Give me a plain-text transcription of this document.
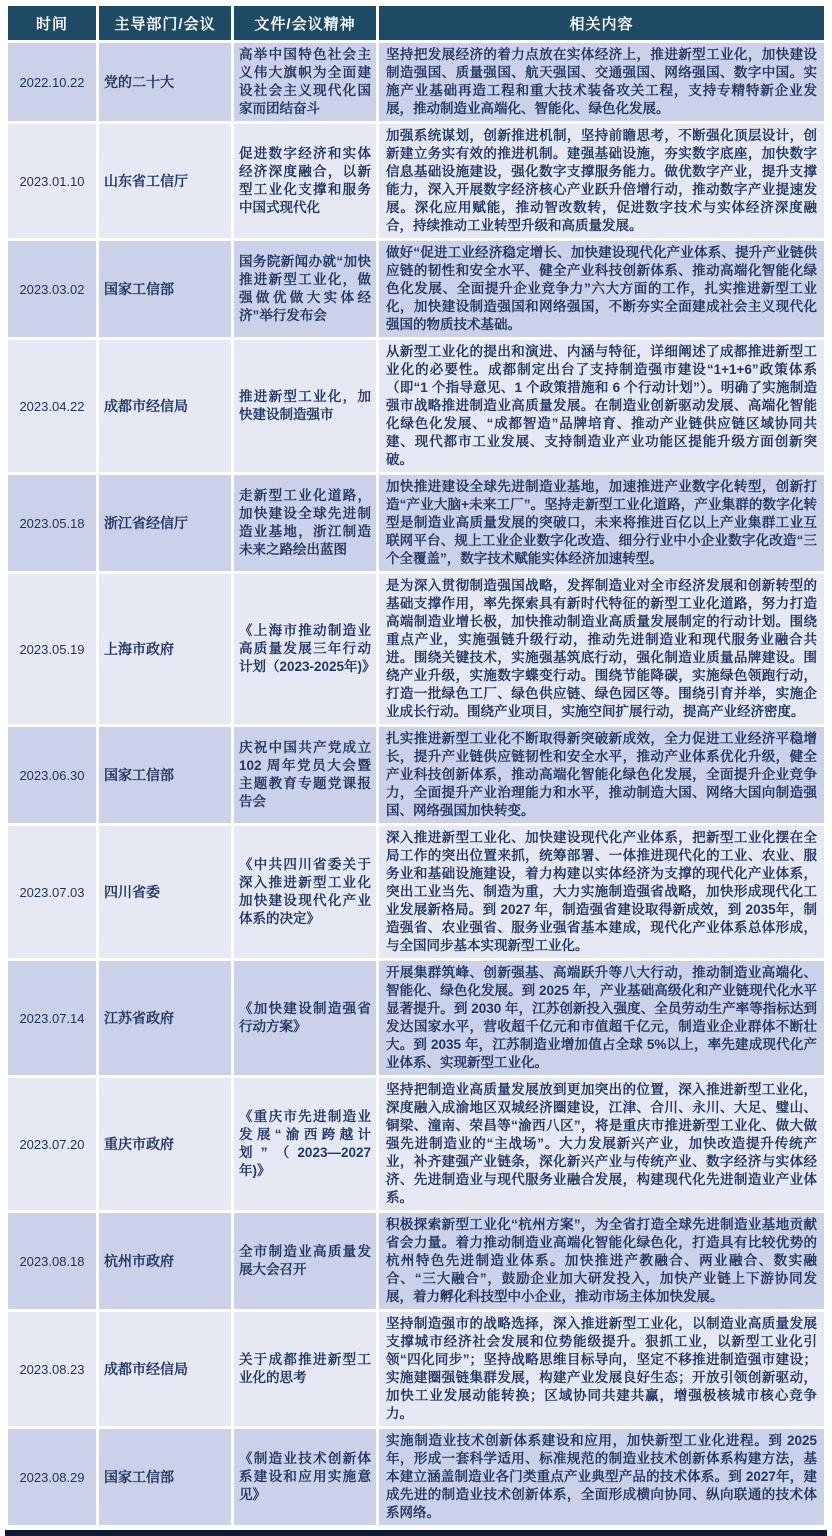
时间	主导部门/会议	文件/会议精神	相关内容
2022.10.22	党的二十大	高举中国特色社会主义伟大旗帜为全面建设社会主义现代化国家而团结奋斗	坚持把发展经济的着力点放在实体经济上，推进新型工业化，加快建设制造强国、质量强国、航天强国、交通强国、网络强国、数字中国。实施产业基础再造工程和重大技术装备攻关工程，支持专精特新企业发展，推动制造业高端化、智能化、绿色化发展。
2023.01.10	山东省工信厅	促进数字经济和实体经济深度融合，以新型工业化支撑和服务中国式现代化	加强系统谋划，创新推进机制，坚持前瞻思考，不断强化顶层设计，创新建立务实有效的推进机制。建强基础设施，夯实数字底座，加快数字信息基础设施建设，强化数字支撑服务能力。做优数字产业，提升支撑能力，深入开展数字经济核心产业跃升倍增行动，推动数字产业提速发展。深化应用赋能，推动智改数转，促进数字技术与实体经济深度融合，持续推动工业转型升级和高质量发展。
2023.03.02	国家工信部	国务院新闻办就“加快推进新型工业化，做强做优做大实体经济”举行发布会	做好“促进工业经济稳定增长、加快建设现代化产业体系、提升产业链供应链的韧性和安全水平、健全产业科技创新体系、推动高端化智能化绿色化发展、全面提升企业竞争力”六大方面的工作，扎实推进新型工业化，加快建设制造强国和网络强国，不断夯实全面建成社会主义现代化强国的物质技术基础。
2023.04.22	成都市经信局	推进新型工业化，加快建设制造强市	从新型工业化的提出和演进、内涵与特征，详细阐述了成都推进新型工业化的必要性。成都制定出台了支持制造强市建设“1+1+6”政策体系（即“1 个指导意见、1 个政策措施和 6 个行动计划”）。明确了实施制造强市战略推进制造业高质量发展。在制造业创新驱动发展、高端化智能化绿色化发展、“成都智造”品牌培育、推动产业链供应链区域协同共建、现代都市工业发展、支持制造业产业功能区提能升级方面创新突破。
2023.05.18	浙江省经信厅	走新型工业化道路，加快建设全球先进制造业基地，浙江制造未来之路绘出蓝图	加快推进建设全球先进制造业基地，加速推进产业数字化转型，创新打造“产业大脑+未来工厂”。坚持走新型工业化道路，产业集群的数字化转型是制造业高质量发展的突破口，未来将推进百亿以上产业集群工业互联网平台、规上工业企业数字化改造、细分行业中小企业数字化改造“三个全覆盖”，数字技术赋能实体经济加速转型。
2023.05.19	上海市政府	《上海市推动制造业高质量发展三年行动计划（2023-2025年)》	是为深入贯彻制造强国战略，发挥制造业对全市经济发展和创新转型的基础支撑作用，率先探索具有新时代特征的新型工业化道路，努力打造高端制造业增长极，加快推动制造业高质量发展制定的行动计划。围绕重点产业，实施强链升级行动，推动先进制造业和现代服务业融合共进。围绕关键技术，实施强基筑底行动，强化制造业质量品牌建设。围绕产业升级，实施数字蝶变行动。围绕节能降碳，实施绿色领跑行动，打造一批绿色工厂、绿色供应链、绿色园区等。围绕引育并举，实施企业成长行动。围绕产业项目，实施空间扩展行动，提高产业经济密度。
2023.06.30	国家工信部	庆祝中国共产党成立 102 周年党员大会暨主题教育专题党课报告会	扎实推进新型工业化不断取得新突破新成效，全力促进工业经济平稳增长，提升产业链供应链韧性和安全水平，推动产业体系优化升级，健全产业科技创新体系，推动高端化智能化绿色化发展，全面提升企业竞争力，全面提升产业治理能力和水平，推动制造大国、网络大国向制造强国、网络强国加快转变。
2023.07.03	四川省委	《中共四川省委关于深入推进新型工业化加快建设现代化产业体系的决定》	深入推进新型工业化、加快建设现代化产业体系，把新型工业化摆在全局工作的突出位置来抓，统筹部署、一体推进现代化的工业、农业、服务业和基础设施建设，着力构建以实体经济为支撑的现代化产业体系，突出工业当先、制造为重，大力实施制造强省战略，加快形成现代化工业发展新格局。到 2027 年，制造强省建设取得新成效，到 2035年，制造强省、农业强省、服务业强省基本建成，现代化产业体系总体形成，与全国同步基本实现新型工业化。
2023.07.14	江苏省政府	《加快建设制造强省行动方案》	开展集群筑峰、创新强基、高端跃升等八大行动，推动制造业高端化、智能化、绿色化发展。到 2025 年，产业基础高级化和产业链现代化水平显著提升。到 2030 年，江苏创新投入强度、全员劳动生产率等指标达到发达国家水平，营收超千亿元和市值超千亿元，制造业企业群体不断壮大。到 2035 年，江苏制造业增加值占全球 5%以上，率先建成现代化产业体系、实现新型工业化。
2023.07.20	重庆市政府	《重庆市先进制造业发展“渝西跨越计划”（2023—2027 年)》	坚持把制造业高质量发展放到更加突出的位置，深入推进新型工业化，深度融入成渝地区双城经济圈建设，江津、合川、永川、大足、璧山、铜梁、潼南、荣昌等“渝西八区”，将是重庆市推进新型工业化、做大做强先进制造业的“主战场”。大力发展新兴产业，加快改造提升传统产业，补齐建强产业链条，深化新兴产业与传统产业、数字经济与实体经济、先进制造业与现代服务业融合发展，构建现代化先进制造业产业体系。
2023.08.18	杭州市政府	全市制造业高质量发展大会召开	积极探索新型工业化“杭州方案”，为全省打造全球先进制造业基地贡献省会力量。着力推动制造业高端化智能化绿色化，打造具有比较优势的杭州特色先进制造业体系。加快推进产教融合、两业融合、数实融合、“三大融合”，鼓励企业加大研发投入，加快产业链上下游协同发展，着力孵化科技型中小企业，推动市场主体加快发展。
2023.08.23	成都市经信局	关于成都推进新型工业化的思考	坚持制造强市的战略选择，深入推进新型工业化，以制造业高质量发展支撑城市经济社会发展和位势能级提升。狠抓工业，以新型工业化引领“四化同步”；坚持战略思维目标导向，坚定不移推进制造强市建设；实施建圈强链集群发展，构建产业发展良好生态；开放引领创新驱动，加快工业发展动能转换；区域协同共建共赢，增强极核城市核心竞争力。
2023.08.29	国家工信部	《制造业技术创新体系建设和应用实施意见》	实施制造业技术创新体系建设和应用，加快新型工业化进程。到 2025 年，形成一套科学适用、标准规范的制造业技术创新体系构建方法，基本建立涵盖制造业各门类重点产业典型产品的技术体系。到 2027年，建成先进的制造业技术创新体系，全面形成横向协同、纵向联通的技术体系网络。
